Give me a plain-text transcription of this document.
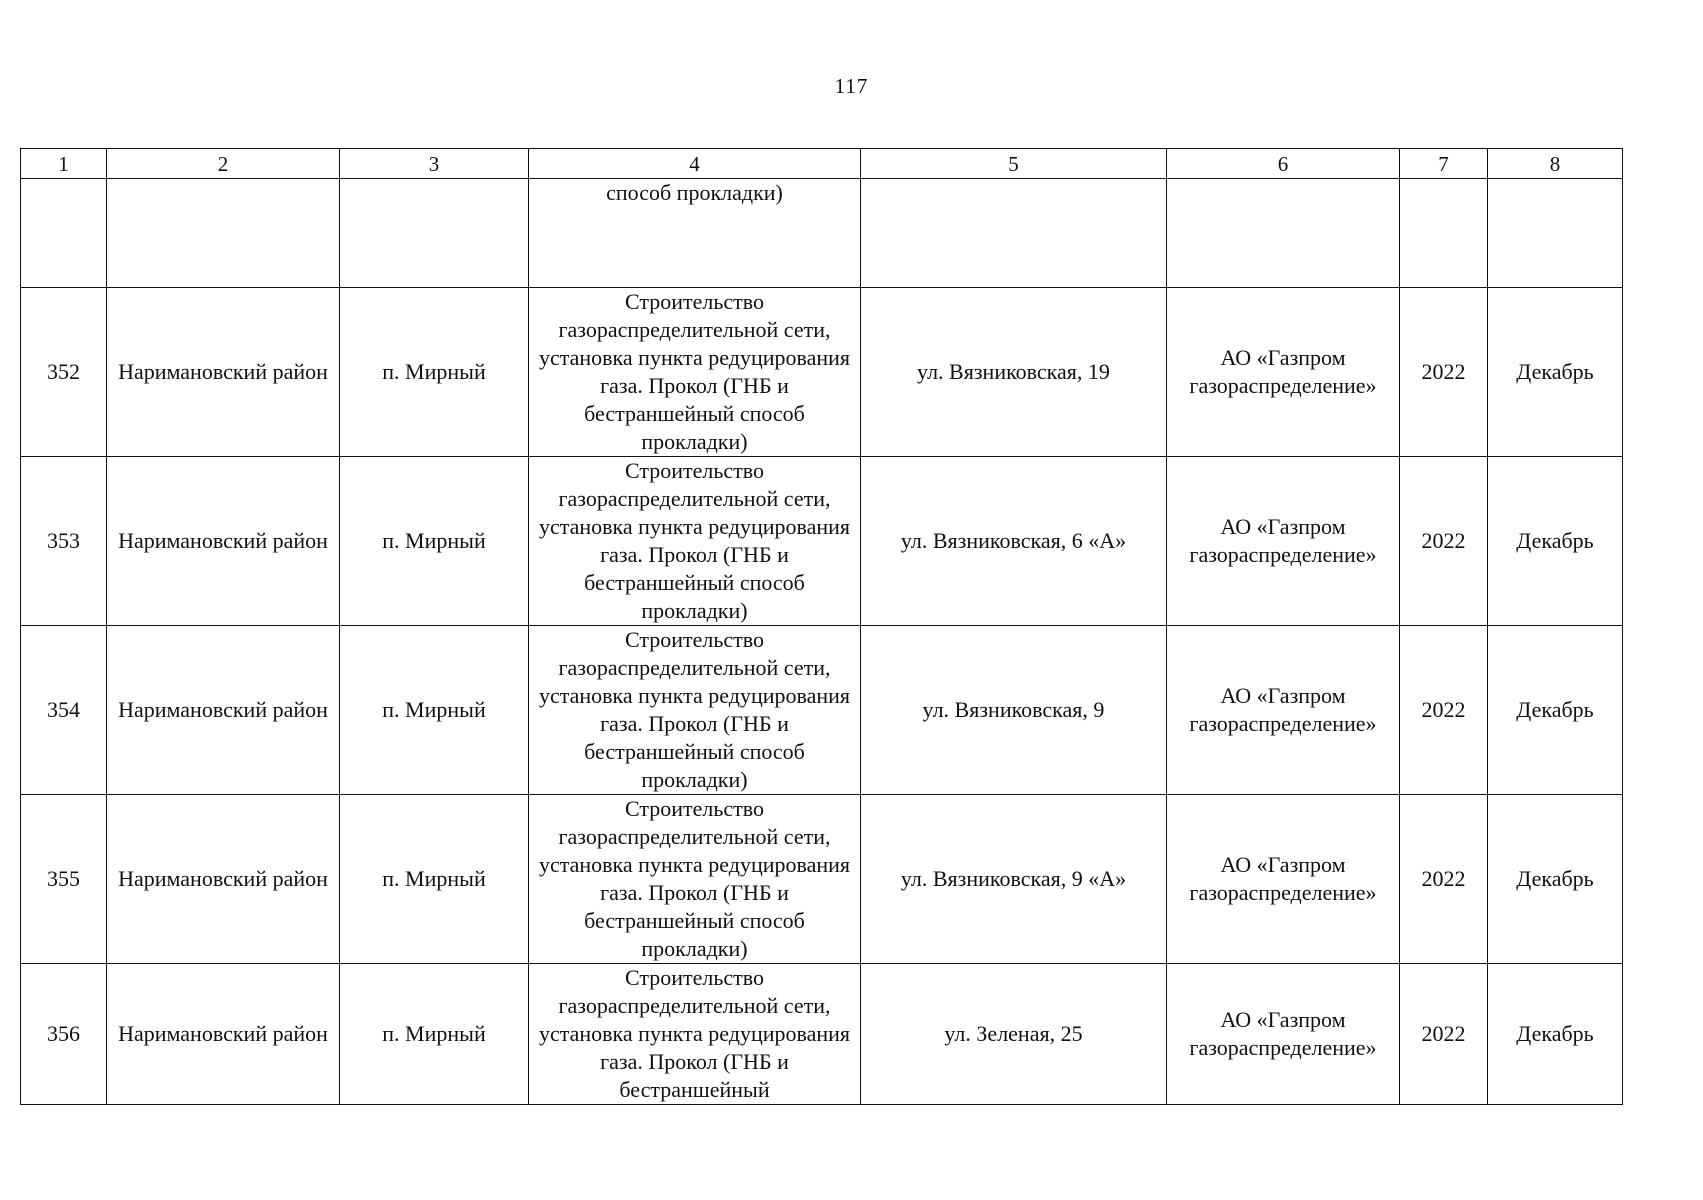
117
1	2	3	4	5	6	7	8
			способ прокладки)				
352	Наримановский район	п. Мирный	Строительство газораспределительной сети, установка пункта редуцирования газа. Прокол (ГНБ и бестраншейный способ прокладки)	ул. Вязниковская, 19	АО «Газпром газораспределение»	2022	Декабрь
353	Наримановский район	п. Мирный	Строительство газораспределительной сети, установка пункта редуцирования газа. Прокол (ГНБ и бестраншейный способ прокладки)	ул. Вязниковская, 6 «А»	АО «Газпром газораспределение»	2022	Декабрь
354	Наримановский район	п. Мирный	Строительство газораспределительной сети, установка пункта редуцирования газа. Прокол (ГНБ и бестраншейный способ прокладки)	ул. Вязниковская, 9	АО «Газпром газораспределение»	2022	Декабрь
355	Наримановский район	п. Мирный	Строительство газораспределительной сети, установка пункта редуцирования газа. Прокол (ГНБ и бестраншейный способ прокладки)	ул. Вязниковская, 9 «А»	АО «Газпром газораспределение»	2022	Декабрь
356	Наримановский район	п. Мирный	Строительство газораспределительной сети, установка пункта редуцирования газа. Прокол (ГНБ и бестраншейный	ул. Зеленая, 25	АО «Газпром газораспределение»	2022	Декабрь
